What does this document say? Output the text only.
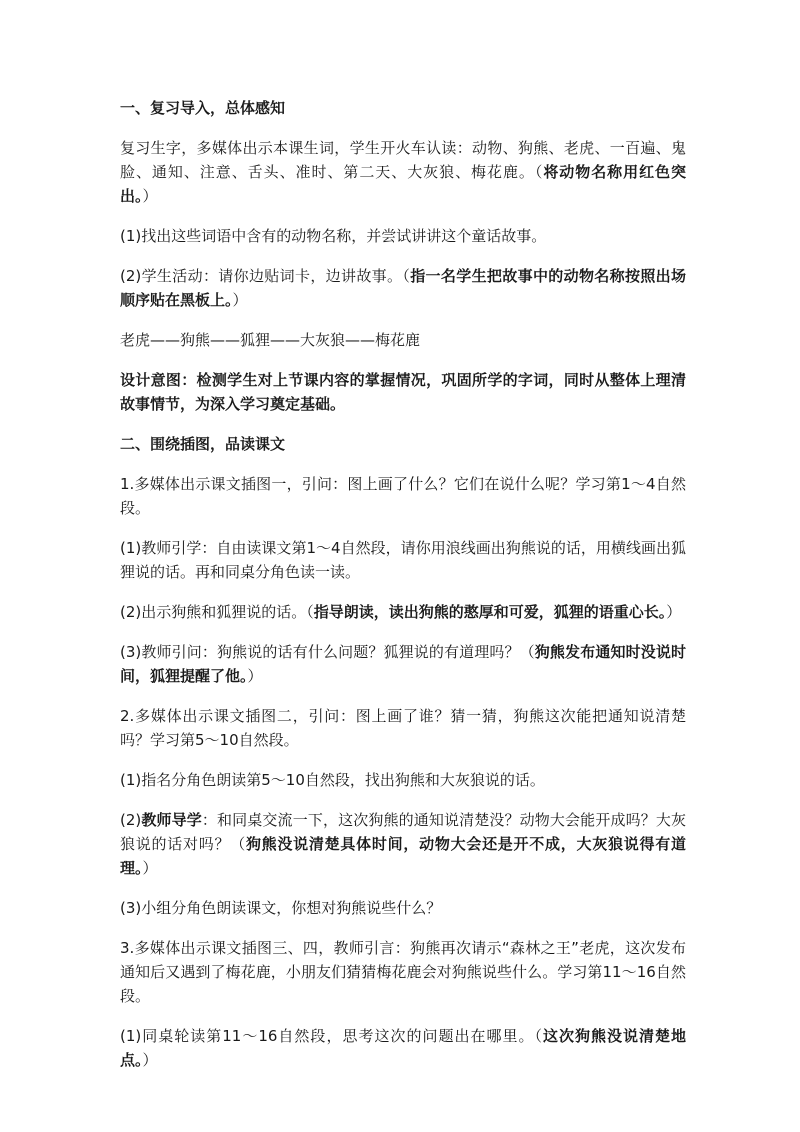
一、复习导入，总体感知

复习生字，多媒体出示本课生词，学生开火车认读：动物、狗熊、老虎、一百遍、鬼脸、通知、注意、舌头、准时、第二天、大灰狼、梅花鹿。（将动物名称用红色突出。）

(1)找出这些词语中含有的动物名称，并尝试讲讲这个童话故事。

(2)学生活动：请你边贴词卡，边讲故事。（指一名学生把故事中的动物名称按照出场顺序贴在黑板上。）

老虎——狗熊——狐狸——大灰狼——梅花鹿

设计意图：检测学生对上节课内容的掌握情况，巩固所学的字词，同时从整体上理清故事情节，为深入学习奠定基础。

二、围绕插图，品读课文

1.多媒体出示课文插图一，引问：图上画了什么？它们在说什么呢？学习第1～4自然段。

(1)教师引学：自由读课文第1～4自然段，请你用浪线画出狗熊说的话，用横线画出狐狸说的话。再和同桌分角色读一读。

(2)出示狗熊和狐狸说的话。（指导朗读，读出狗熊的憨厚和可爱，狐狸的语重心长。）

(3)教师引问：狗熊说的话有什么问题？狐狸说的有道理吗？（狗熊发布通知时没说时间，狐狸提醒了他。）

2.多媒体出示课文插图二，引问：图上画了谁？猜一猜，狗熊这次能把通知说清楚吗？学习第5～10自然段。

(1)指名分角色朗读第5～10自然段，找出狗熊和大灰狼说的话。

(2)教师导学：和同桌交流一下，这次狗熊的通知说清楚没？动物大会能开成吗？大灰狼说的话对吗？（狗熊没说清楚具体时间，动物大会还是开不成，大灰狼说得有道理。）

(3)小组分角色朗读课文，你想对狗熊说些什么？

3.多媒体出示课文插图三、四，教师引言：狗熊再次请示“森林之王”老虎，这次发布通知后又遇到了梅花鹿，小朋友们猜猜梅花鹿会对狗熊说些什么。学习第11～16自然段。

(1)同桌轮读第11～16自然段，思考这次的问题出在哪里。（这次狗熊没说清楚地点。）
